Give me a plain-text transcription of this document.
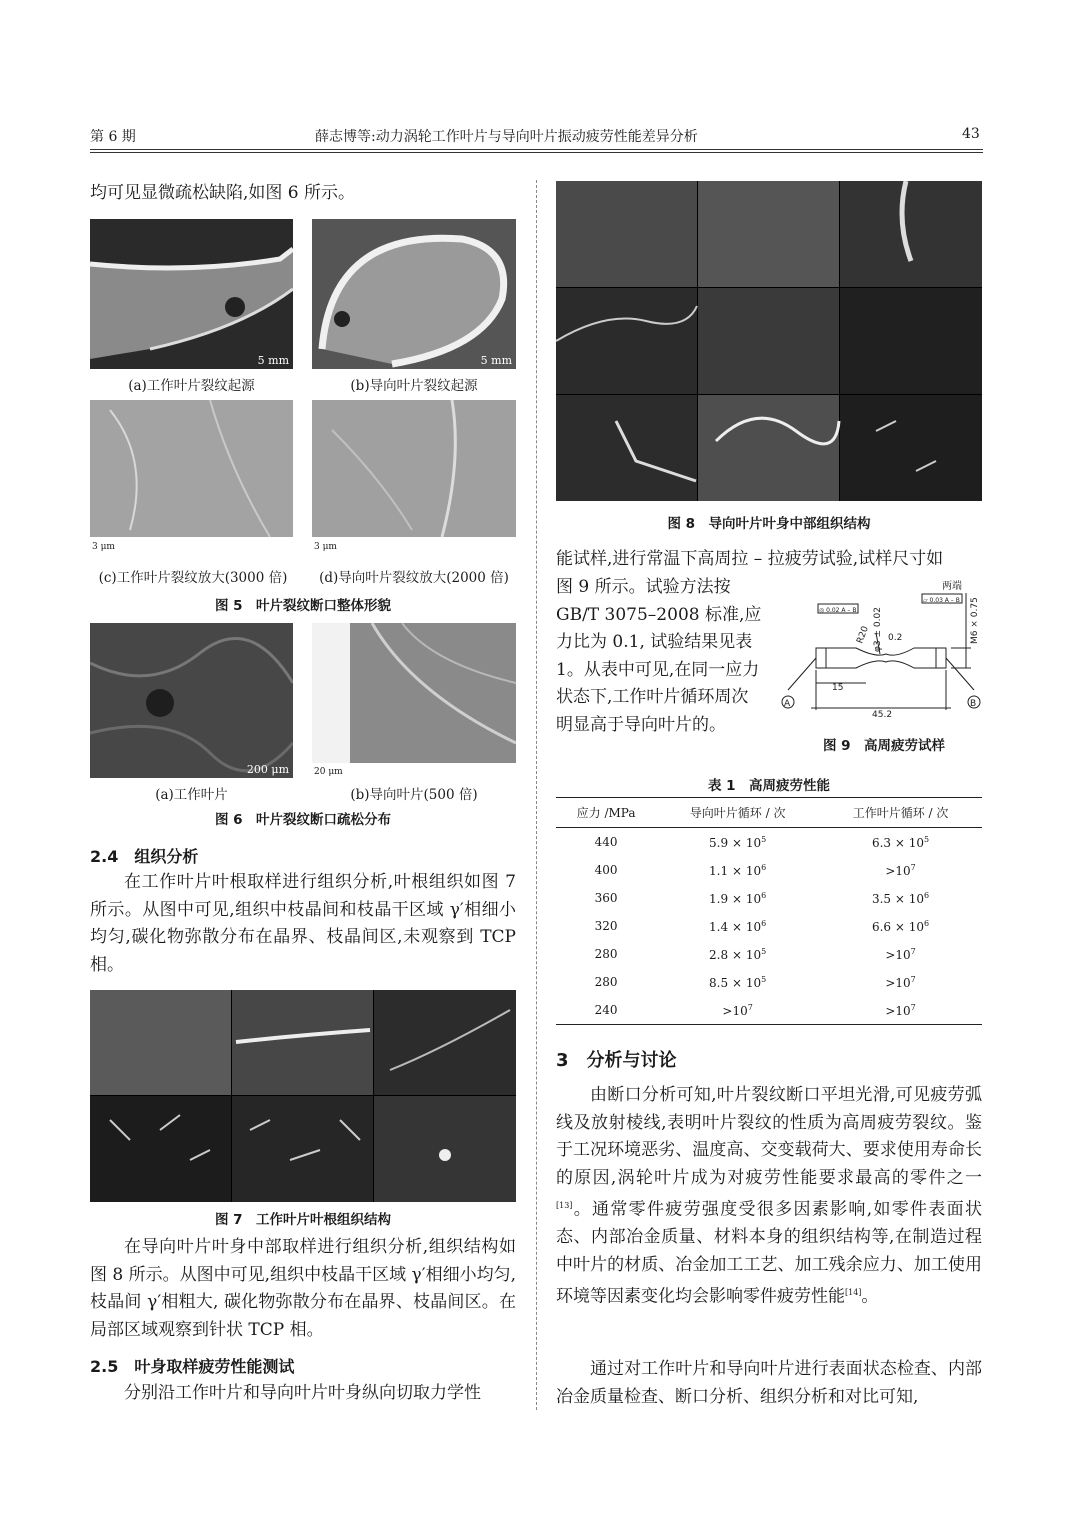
第 6 期	薛志博等:动力涡轮工作叶片与导向叶片振动疲劳性能差异分析	43
均可见显微疏松缺陷,如图 6 所示。
5 mm	5 mm
(a)工作叶片裂纹起源	(b)导向叶片裂纹起源
3 μm	3 μm
(c)工作叶片裂纹放大(3000 倍)	(d)导向叶片裂纹放大(2000 倍)
图 5　叶片裂纹断口整体形貌
200 μm	20 μm
(a)工作叶片	(b)导向叶片(500 倍)
图 6　叶片裂纹断口疏松分布
2.4　组织分析
在工作叶片叶根取样进行组织分析,叶根组织如图 7 所示。从图中可见,组织中枝晶间和枝晶干区域 γ′相细小均匀,碳化物弥散分布在晶界、枝晶间区,未观察到 TCP 相。
图 7　工作叶片叶根组织结构
在导向叶片叶身中部取样进行组织分析,组织结构如图 8 所示。从图中可见,组织中枝晶干区域 γ′相细小均匀, 枝晶间 γ′相粗大, 碳化物弥散分布在晶界、枝晶间区。在局部区域观察到针状 TCP 相。
2.5　叶身取样疲劳性能测试
分别沿工作叶片和导向叶片叶身纵向切取力学性
图 8　导向叶片叶身中部组织结构
能试样,进行常温下高周拉 – 拉疲劳试验,试样尺寸如
图 9 所示。试验方法按
GB/T 3075–2008 标准,应
力比为 0.1, 试验结果见表
1。从表中可见,在同一应力
状态下,工作叶片循环周次
明显高于导向叶片的。
两端
◎ 0.02 A – B
▱ 0.03 A – B
R20 φ3 ± 0.02 0.2	M6 × 0.75
15
45.2
A	B
图 9　高周疲劳试样
表 1　高周疲劳性能
应力 /MPa	导向叶片循环 / 次	工作叶片循环 / 次
440	$5.9 \times 10^5$	$6.3 \times 10^5$
400	$1.1 \times 10^6$	$>10^7$
360	$1.9 \times 10^6$	$3.5 \times 10^6$
320	$1.4 \times 10^6$	$6.6 \times 10^6$
280	$2.8 \times 10^5$	$>10^7$
280	$8.5 \times 10^5$	$>10^7$
240	$>10^7$	$>10^7$
3　分析与讨论
由断口分析可知,叶片裂纹断口平坦光滑,可见疲劳弧线及放射棱线,表明叶片裂纹的性质为高周疲劳裂纹。鉴于工况环境恶劣、温度高、交变载荷大、要求使用寿命长的原因,涡轮叶片成为对疲劳性能要求最高的零件之一[13]。通常零件疲劳强度受很多因素影响,如零件表面状态、内部冶金质量、材料本身的组织结构等,在制造过程中叶片的材质、冶金加工工艺、加工残余应力、加工使用环境等因素变化均会影响零件疲劳性能[14]。
通过对工作叶片和导向叶片进行表面状态检查、内部冶金质量检查、断口分析、组织分析和对比可知,
